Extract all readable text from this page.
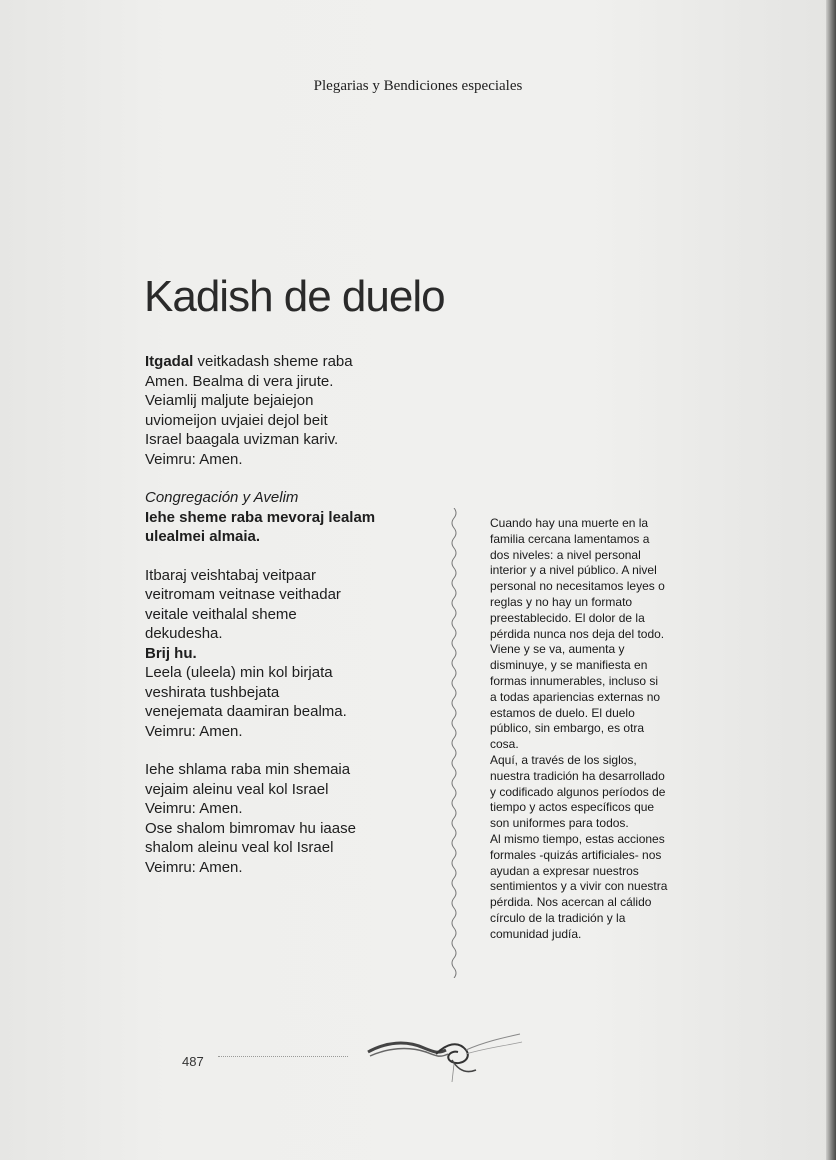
Plegarias y Bendiciones especiales
Kadish de duelo

Itgadal veitkadash sheme raba

Amen. Bealma di vera jirute.

Veiamlij maljute bejaiejon

uviomeijon uvjaiei dejol beit

Israel baagala uvizman kariv.

Veimru: Amen.

Congregación y Avelim

Iehe sheme raba mevoraj lealam

ulealmei almaia.

Itbaraj veishtabaj veitpaar

veitromam veitnase veithadar

veitale veithalal sheme

dekudesha.

Brij hu.

Leela (uleela) min kol birjata

veshirata tushbejata

venejemata daamiran bealma.

Veimru: Amen.

Iehe shlama raba min shemaia

vejaim aleinu veal kol Israel

Veimru: Amen.

Ose shalom bimromav hu iaase

shalom aleinu veal kol Israel

Veimru: Amen.

Cuando hay una muerte en la

familia cercana lamentamos a

dos niveles: a nivel personal

interior y a nivel público. A nivel

personal no necesitamos leyes o

reglas y no hay un formato

preestablecido. El dolor de la

pérdida nunca nos deja del todo.

Viene y se va, aumenta y

disminuye, y se manifiesta en

formas innumerables, incluso si

a todas apariencias externas no

estamos de duelo. El duelo

público, sin embargo, es otra

cosa.

Aquí, a través de los siglos,

nuestra tradición ha desarrollado

y codificado algunos períodos de

tiempo y actos específicos que

son uniformes para todos.

Al mismo tiempo, estas acciones

formales -quizás artificiales- nos

ayudan a expresar nuestros

sentimientos y a vivir con nuestra

pérdida. Nos acercan al cálido

círculo de la tradición y la

comunidad judía.

487
